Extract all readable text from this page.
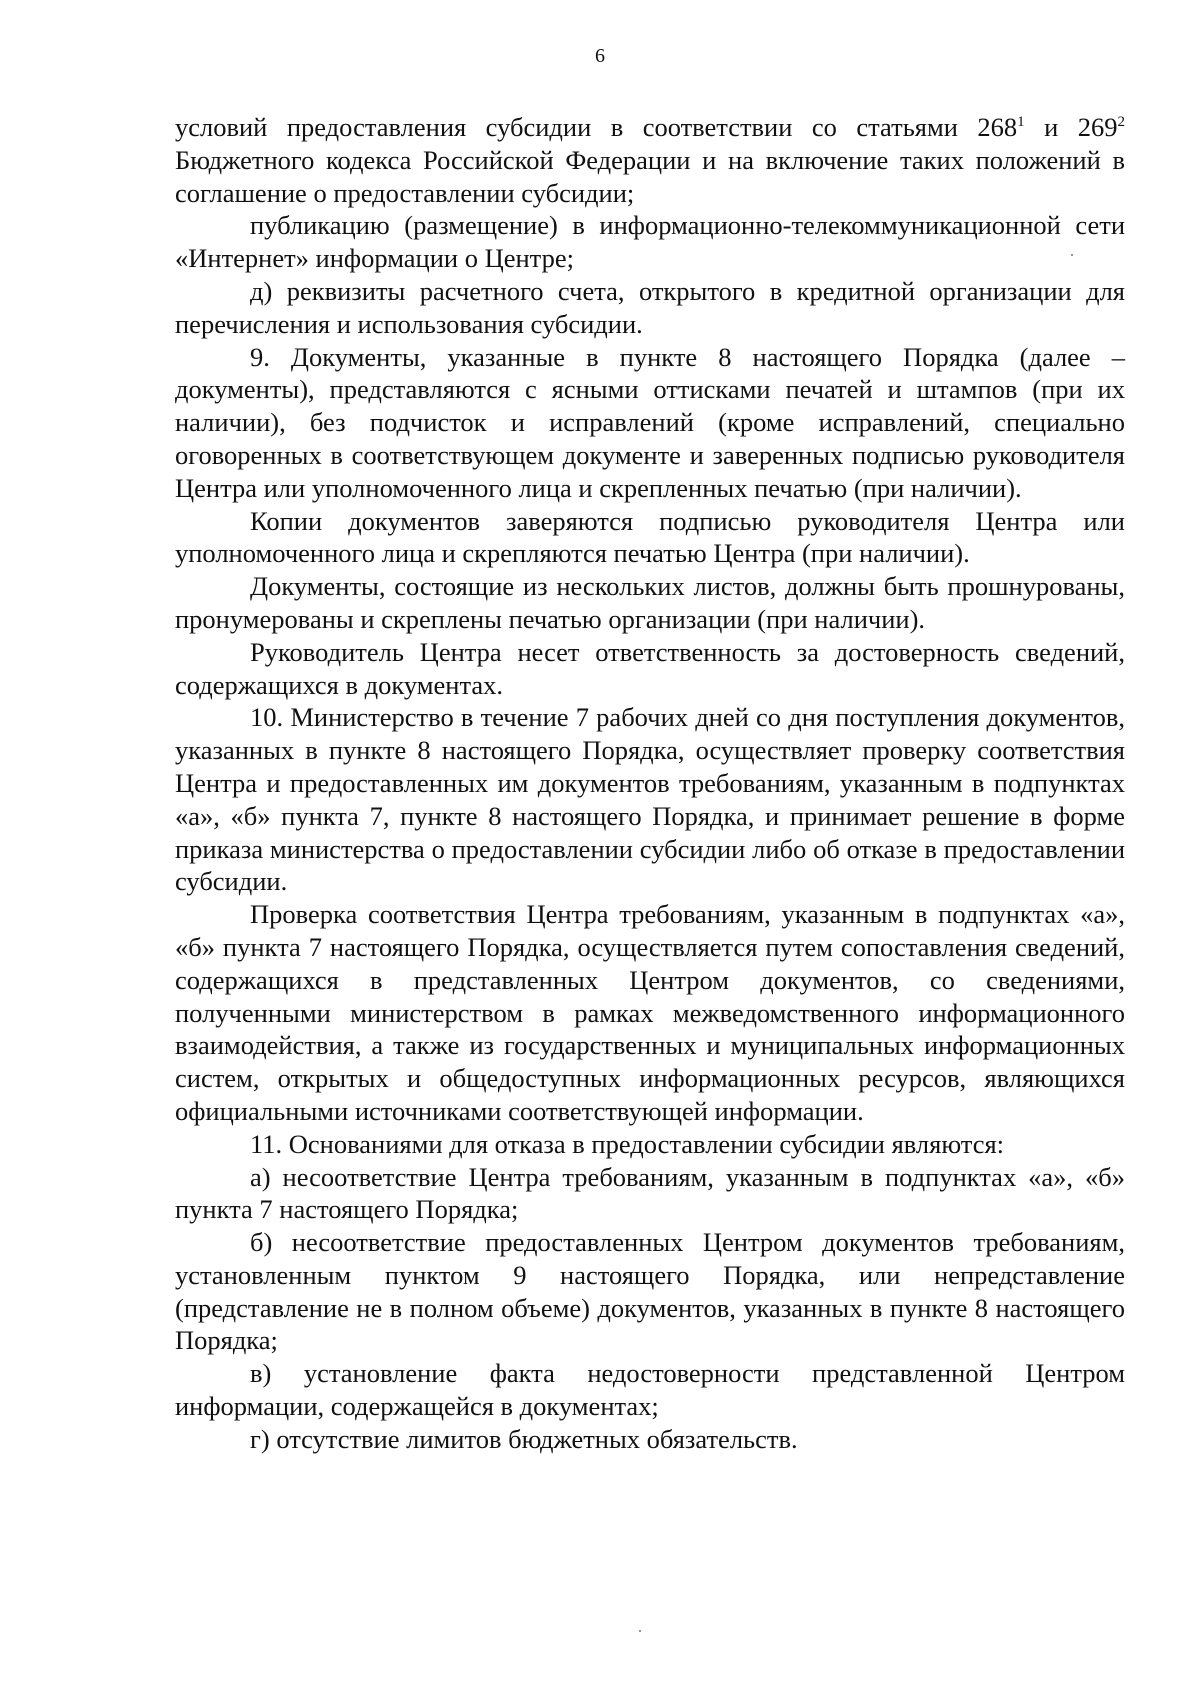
6

условий предоставления субсидии в соответствии со статьями $268^1$ и $269^2$ Бюджетного кодекса Российской Федерации и на включение таких положений в соглашение о предоставлении субсидии;

публикацию (размещение) в информационно-телекоммуникационной сети «Интернет» информации о Центре;

д) реквизиты расчетного счета, открытого в кредитной организации для перечисления и использования субсидии.

9. Документы, указанные в пункте 8 настоящего Порядка (далее – документы), представляются с ясными оттисками печатей и штампов (при их наличии), без подчисток и исправлений (кроме исправлений, специально оговоренных в соответствующем документе и заверенных подписью руководителя Центра или уполномоченного лица и скрепленных печатью (при наличии).

Копии документов заверяются подписью руководителя Центра или уполномоченного лица и скрепляются печатью Центра (при наличии).

Документы, состоящие из нескольких листов, должны быть прошнурованы, пронумерованы и скреплены печатью организации (при наличии).

Руководитель Центра несет ответственность за достоверность сведений, содержащихся в документах.

10. Министерство в течение 7 рабочих дней со дня поступления документов, указанных в пункте 8 настоящего Порядка, осуществляет проверку соответствия Центра и предоставленных им документов требованиям, указанным в подпунктах «а», «б» пункта 7, пункте 8 настоящего Порядка, и принимает решение в форме приказа министерства о предоставлении субсидии либо об отказе в предоставлении субсидии.

Проверка соответствия Центра требованиям, указанным в подпунктах «а», «б» пункта 7 настоящего Порядка, осуществляется путем сопоставления сведений, содержащихся в представленных Центром документов, со сведениями, полученными министерством в рамках межведомственного информационного взаимодействия, а также из государственных и муниципальных информационных систем, открытых и общедоступных информационных ресурсов, являющихся официальными источниками соответствующей информации.

11. Основаниями для отказа в предоставлении субсидии являются:

а) несоответствие Центра требованиям, указанным в подпунктах «а», «б» пункта 7 настоящего Порядка;

б) несоответствие предоставленных Центром документов требованиям, установленным пунктом 9 настоящего Порядка, или непредставление (представление не в полном объеме) документов, указанных в пункте 8 настоящего Порядка;

в) установление факта недостоверности представленной Центром информации, содержащейся в документах;

г) отсутствие лимитов бюджетных обязательств.
